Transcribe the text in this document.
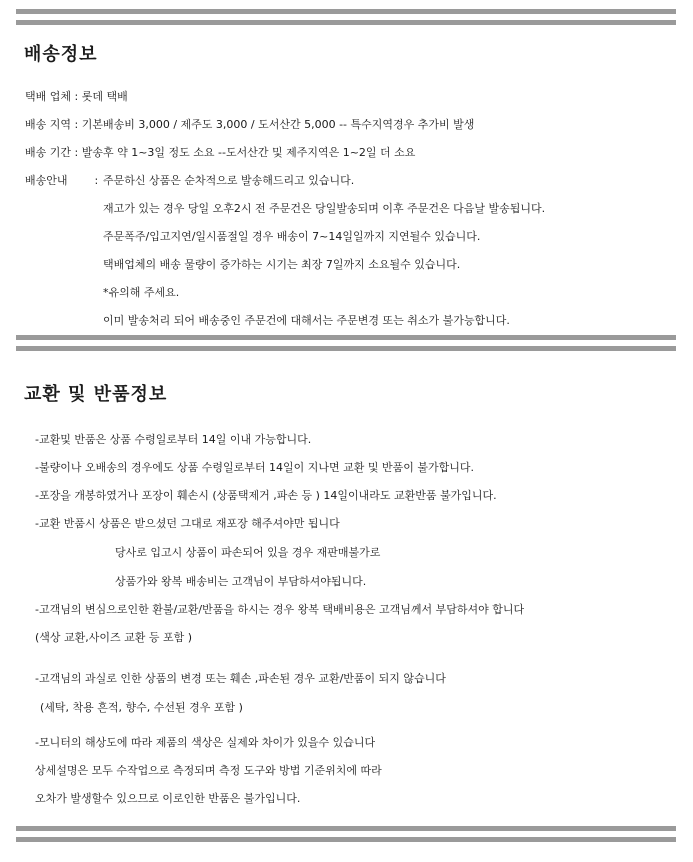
배송정보
택배 업체 : 롯데 택배
배송 지역 : 기본배송비 3,000 / 제주도 3,000 / 도서산간 5,000 -- 특수지역경우 추가비 발생
배송 기간 : 발송후 약 1~3일 정도 소요 --도서산간 및 제주지역은 1~2일 더 소요
배송안내 : 주문하신 상품은 순차적으로 발송해드리고 있습니다.
재고가 있는 경우 당일 오후2시 전 주문건은 당일발송되며 이후 주문건은 다음날 발송됩니다.
주문폭주/입고지연/일시품절일 경우 배송이 7~14일일까지 지연될수 있습니다.
택배업체의 배송 물량이 증가하는 시기는 최장 7일까지 소요될수 있습니다.
*유의해 주세요.
이미 발송처리 되어 배송중인 주문건에 대해서는 주문변경 또는 취소가 불가능합니다.
교환 및 반품정보
-교환및 반품은 상품 수령일로부터 14일 이내 가능합니다.
-불량이나 오배송의 경우에도 상품 수령일로부터 14일이 지나면 교환 및 반품이 불가합니다.
-포장을 개봉하였거나 포장이 훼손시 (상품택제거 ,파손 등 ) 14일이내라도 교환반품 불가입니다.
-교환 반품시 상품은 받으셨던 그대로 재포장 해주셔야만 됩니다
당사로 입고시 상품이 파손되어 있을 경우 재판매불가로
상품가와 왕복 배송비는 고객님이 부담하셔야됩니다.
-고객님의 변심으로인한 환불/교환/반품을 하시는 경우 왕복 택배비용은 고객님께서 부담하셔야 합니다
(색상 교환,사이즈 교환 등 포함 )
-고객님의 과실로 인한 상품의 변경 또는 훼손 ,파손된 경우 교환/반품이 되지 않습니다
(세탁, 착용 흔적, 향수, 수선된 경우 포함 )
-모니터의 해상도에 따라 제품의 색상은 실제와 차이가 있을수 있습니다
상세설명은 모두 수작업으로 측정되며 측정 도구와 방법 기준위치에 따라
오차가 발생할수 있으므로 이로인한 반품은 불가입니다.
